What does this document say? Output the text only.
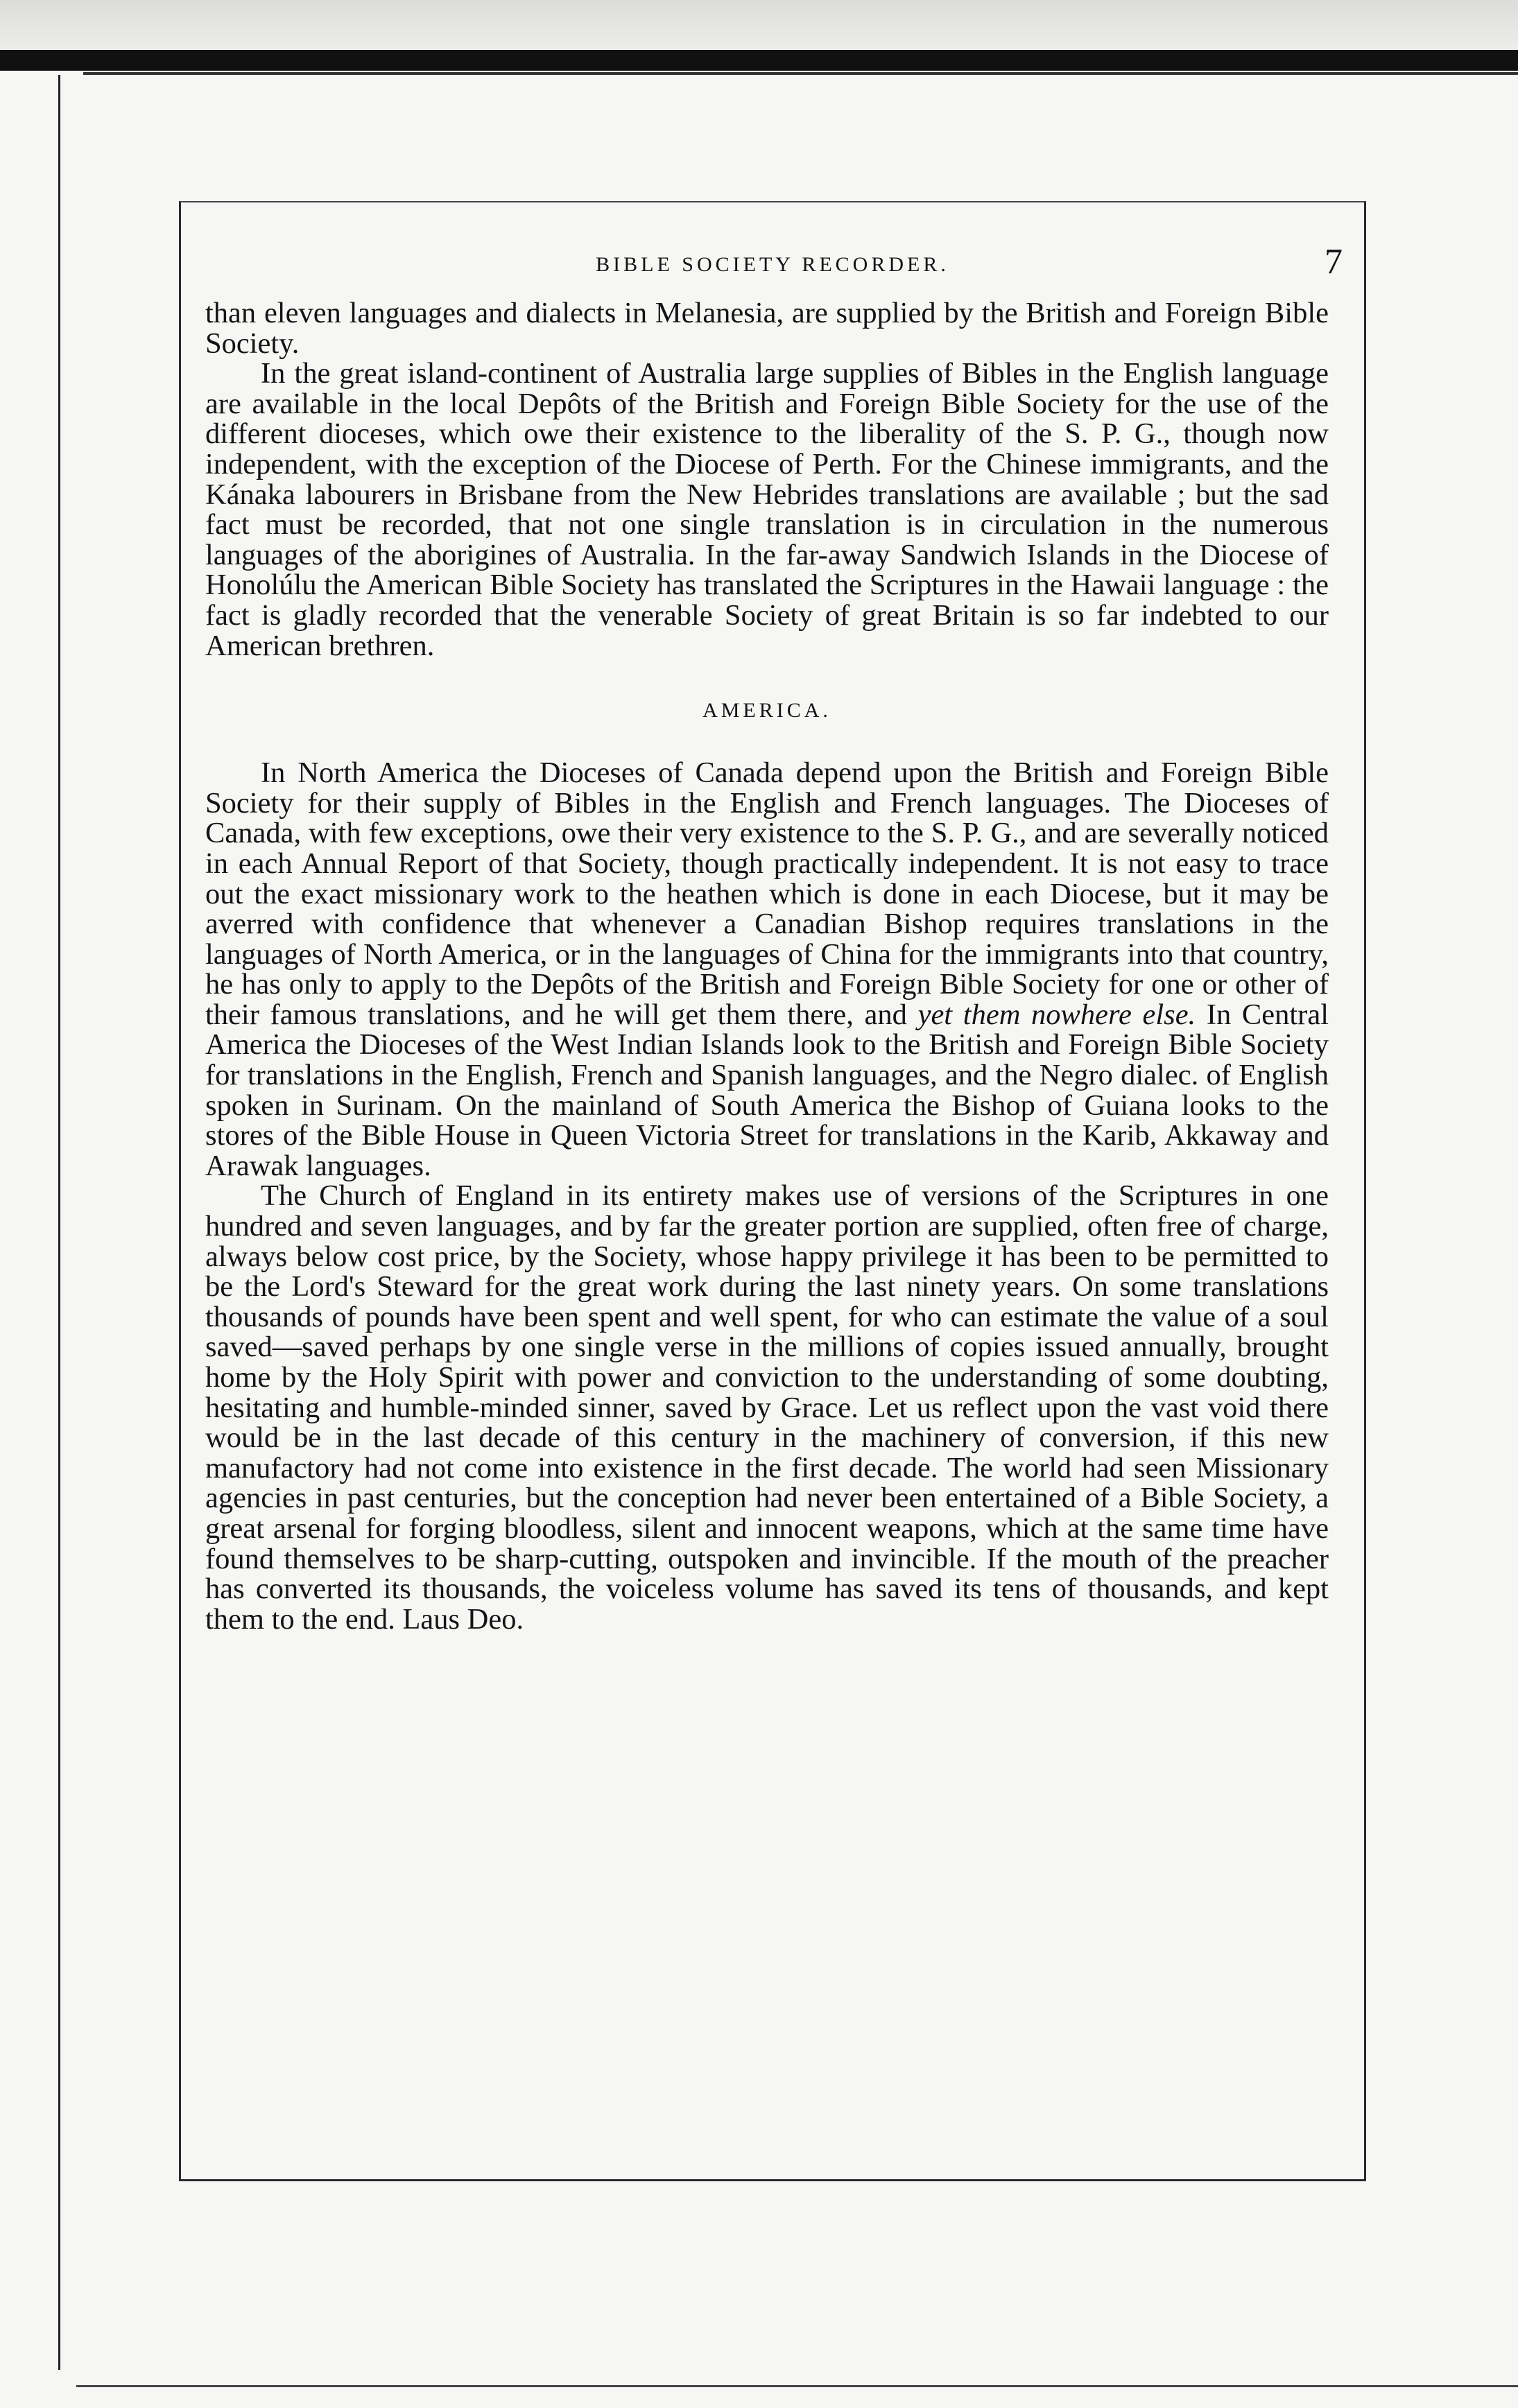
BIBLE SOCIETY RECORDER.	7

than eleven languages and dialects in Melanesia, are supplied by the British and Foreign Bible Society.

In the great island-continent of Australia large supplies of Bibles in the English language are available in the local Depôts of the British and Foreign Bible Society for the use of the different dioceses, which owe their existence to the liberality of the S. P. G., though now independent, with the exception of the Diocese of Perth. For the Chinese immigrants, and the Kánaka labourers in Brisbane from the New Hebrides translations are available ; but the sad fact must be recorded, that not one single translation is in circulation in the numerous languages of the aborigines of Australia. In the far-away Sandwich Islands in the Diocese of Honolúlu the American Bible Society has translated the Scriptures in the Hawaii language : the fact is gladly recorded that the venerable Society of great Britain is so far indebted to our American brethren.

AMERICA.

In North America the Dioceses of Canada depend upon the British and Foreign Bible Society for their supply of Bibles in the English and French languages. The Dioceses of Canada, with few exceptions, owe their very existence to the S. P. G., and are severally noticed in each Annual Report of that Society, though practically independent. It is not easy to trace out the exact missionary work to the heathen which is done in each Diocese, but it may be averred with confidence that whenever a Canadian Bishop requires translations in the languages of North America, or in the languages of China for the immigrants into that country, he has only to apply to the Depôts of the British and Foreign Bible Society for one or other of their famous translations, and he will get them there, and yet them nowhere else. In Central America the Dioceses of the West Indian Islands look to the British and Foreign Bible Society for translations in the English, French and Spanish languages, and the Negro dialec. of English spoken in Surinam. On the mainland of South America the Bishop of Guiana looks to the stores of the Bible House in Queen Victoria Street for translations in the Karib, Akkaway and Arawak languages.

The Church of England in its entirety makes use of versions of the Scriptures in one hundred and seven languages, and by far the greater portion are supplied, often free of charge, always below cost price, by the Society, whose happy privilege it has been to be permitted to be the Lord's Steward for the great work during the last ninety years. On some translations thousands of pounds have been spent and well spent, for who can estimate the value of a soul saved—saved perhaps by one single verse in the millions of copies issued annually, brought home by the Holy Spirit with power and conviction to the understanding of some doubting, hesitating and humble-minded sinner, saved by Grace. Let us reflect upon the vast void there would be in the last decade of this century in the machinery of conversion, if this new manufactory had not come into existence in the first decade. The world had seen Missionary agencies in past centuries, but the conception had never been entertained of a Bible Society, a great arsenal for forging bloodless, silent and innocent weapons, which at the same time have found themselves to be sharp-cutting, outspoken and invincible. If the mouth of the preacher has converted its thousands, the voiceless volume has saved its tens of thousands, and kept them to the end. Laus Deo.
